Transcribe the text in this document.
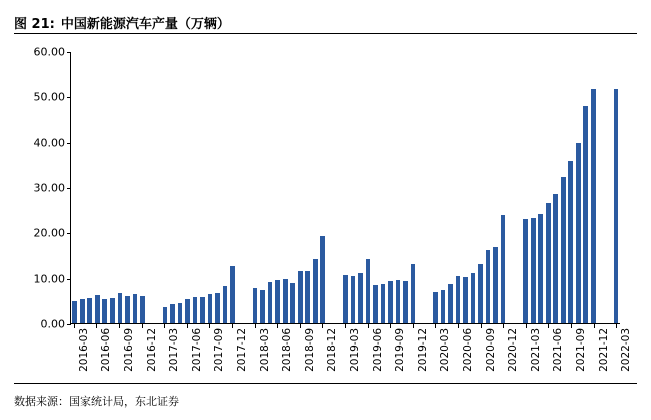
图 21: 中国新能源汽车产量（万辆）
0.00
10.00
20.00
30.00
40.00
50.00
60.00
2016-03 2016-06 2016-09 2016-12 2017-03 2017-06 2017-09 2017-12 2018-03 2018-06 2018-09 2018-12 2019-03 2019-06 2019-09 2019-12 2020-03 2020-06 2020-09 2020-12 2021-03 2021-06 2021-09 2021-12 2022-03
数据来源：国家统计局，东北证券
